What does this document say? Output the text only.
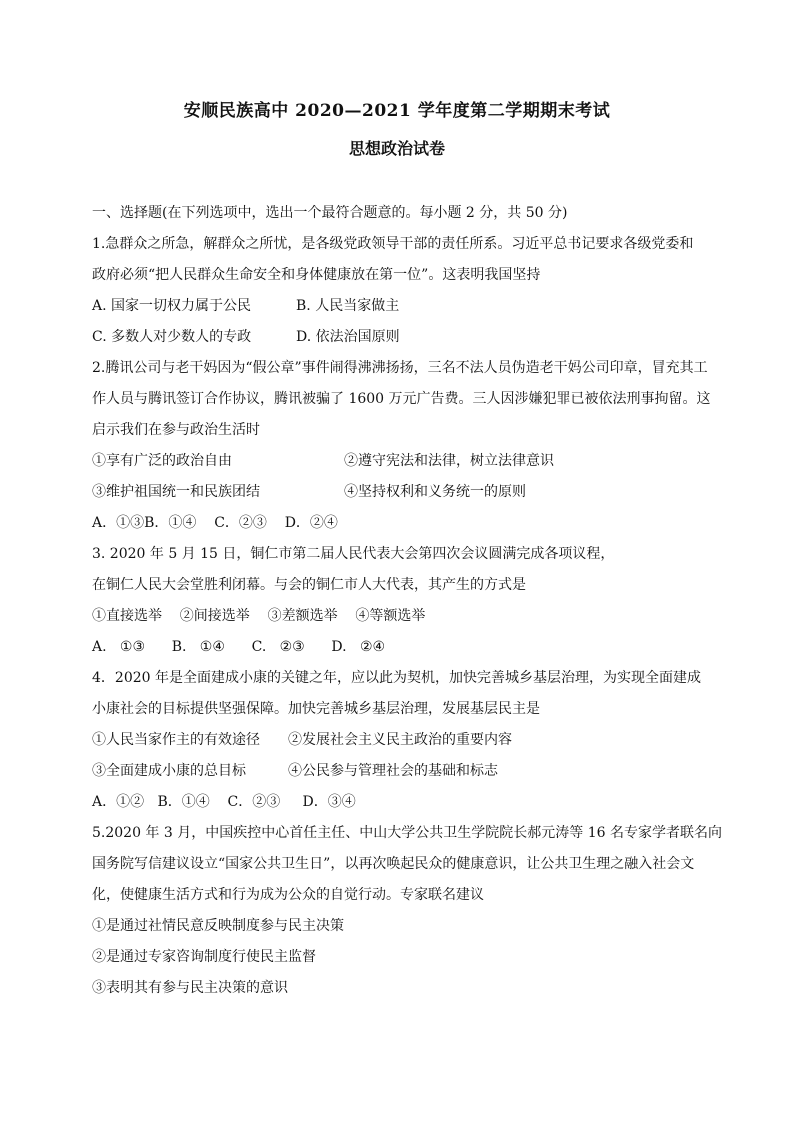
安顺民族高中 2020—2021 学年度第二学期期末考试
思想政治试卷
一、选择题(在下列选项中，选出一个最符合题意的。每小题 2 分，共 50 分)
1.急群众之所急，解群众之所忧，是各级党政领导干部的责任所系。习近平总书记要求各级党委和
政府必须“把人民群众生命安全和身体健康放在第一位”。这表明我国坚持
A. 国家一切权力属于公民	B. 人民当家做主
C. 多数人对少数人的专政	D. 依法治国原则
2.腾讯公司与老干妈因为“假公章”事件闹得沸沸扬扬，三名不法人员伪造老干妈公司印章，冒充其工
作人员与腾讯签订合作协议，腾讯被骗了 1600 万元广告费。三人因涉嫌犯罪已被依法刑事拘留。这
启示我们在参与政治生活时
①享有广泛的政治自由	②遵守宪法和法律，树立法律意识
③维护祖国统一和民族团结	④坚持权利和义务统一的原则
A．①③B．①④    C．②③    D．②④
3. 2020 年 5 月 15 日，铜仁市第二届人民代表大会第四次会议圆满完成各项议程，
在铜仁人民大会堂胜利闭幕。与会的铜仁市人大代表，其产生的方式是
①直接选举    ②间接选举    ③差额选举    ④等额选举
A.   ①③      B.   ①④      C.   ②③      D.   ②④
4．2020 年是全面建成小康的关键之年，应以此为契机，加快完善城乡基层治理，为实现全面建成
小康社会的目标提供坚强保障。加快完善城乡基层治理，发展基层民主是
①人民当家作主的有效途径 ②发展社会主义民主政治的重要内容
③全面建成小康的总目标	④公民参与管理社会的基础和标志
A．①②   B．①④    C．②③     D．③④
5.2020 年 3 月，中国疾控中心首任主任、中山大学公共卫生学院院长郝元涛等 16 名专家学者联名向
国务院写信建议设立“国家公共卫生日”，以再次唤起民众的健康意识，让公共卫生理之融入社会文
化，使健康生活方式和行为成为公众的自觉行动。专家联名建议
①是通过社情民意反映制度参与民主决策
②是通过专家咨询制度行使民主监督
③表明其有参与民主决策的意识
